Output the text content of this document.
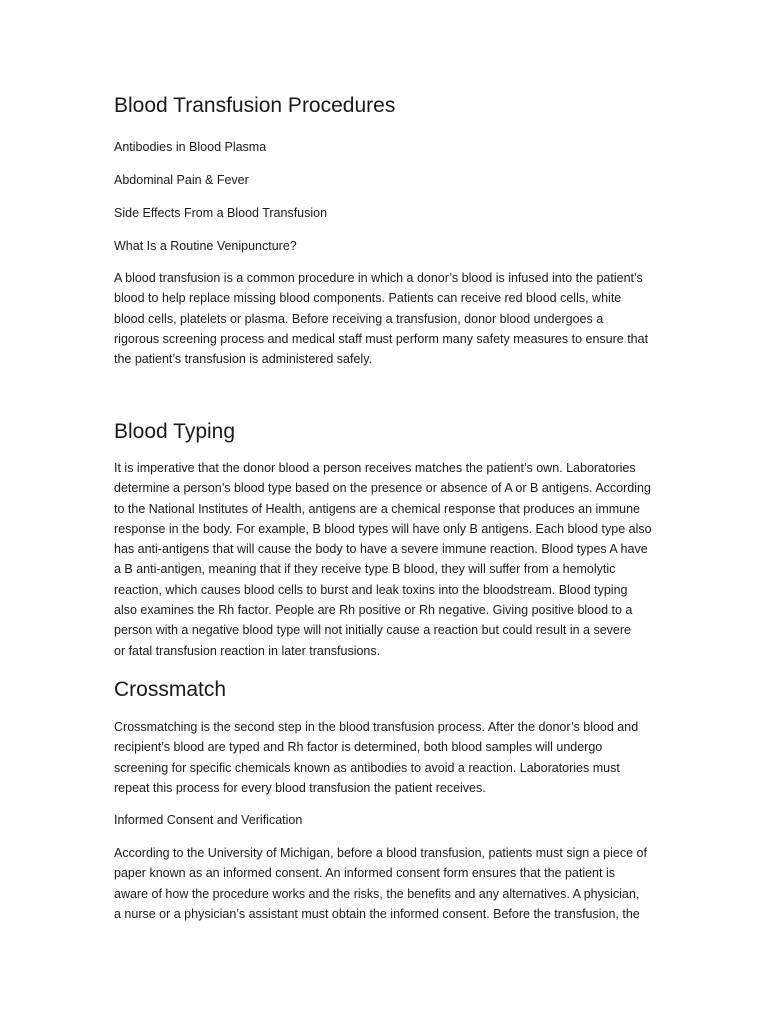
Blood Transfusion Procedures

Antibodies in Blood Plasma

Abdominal Pain & Fever

Side Effects From a Blood Transfusion

What Is a Routine Venipuncture?

A blood transfusion is a common procedure in which a donor’s blood is infused into the patient’s
blood to help replace missing blood components. Patients can receive red blood cells, white
blood cells, platelets or plasma. Before receiving a transfusion, donor blood undergoes a
rigorous screening process and medical staff must perform many safety measures to ensure that
the patient’s transfusion is administered safely.
Blood Typing
It is imperative that the donor blood a person receives matches the patient’s own. Laboratories
determine a person’s blood type based on the presence or absence of A or B antigens. According
to the National Institutes of Health, antigens are a chemical response that produces an immune
response in the body. For example, B blood types will have only B antigens. Each blood type also
has anti-antigens that will cause the body to have a severe immune reaction. Blood types A have
a B anti-antigen, meaning that if they receive type B blood, they will suffer from a hemolytic
reaction, which causes blood cells to burst and leak toxins into the bloodstream. Blood typing
also examines the Rh factor. People are Rh positive or Rh negative. Giving positive blood to a
person with a negative blood type will not initially cause a reaction but could result in a severe
or fatal transfusion reaction in later transfusions.
Crossmatch
Crossmatching is the second step in the blood transfusion process. After the donor’s blood and
recipient’s blood are typed and Rh factor is determined, both blood samples will undergo
screening for specific chemicals known as antibodies to avoid a reaction. Laboratories must
repeat this process for every blood transfusion the patient receives.

Informed Consent and Verification

According to the University of Michigan, before a blood transfusion, patients must sign a piece of
paper known as an informed consent. An informed consent form ensures that the patient is
aware of how the procedure works and the risks, the benefits and any alternatives. A physician,
a nurse or a physician’s assistant must obtain the informed consent. Before the transfusion, the
